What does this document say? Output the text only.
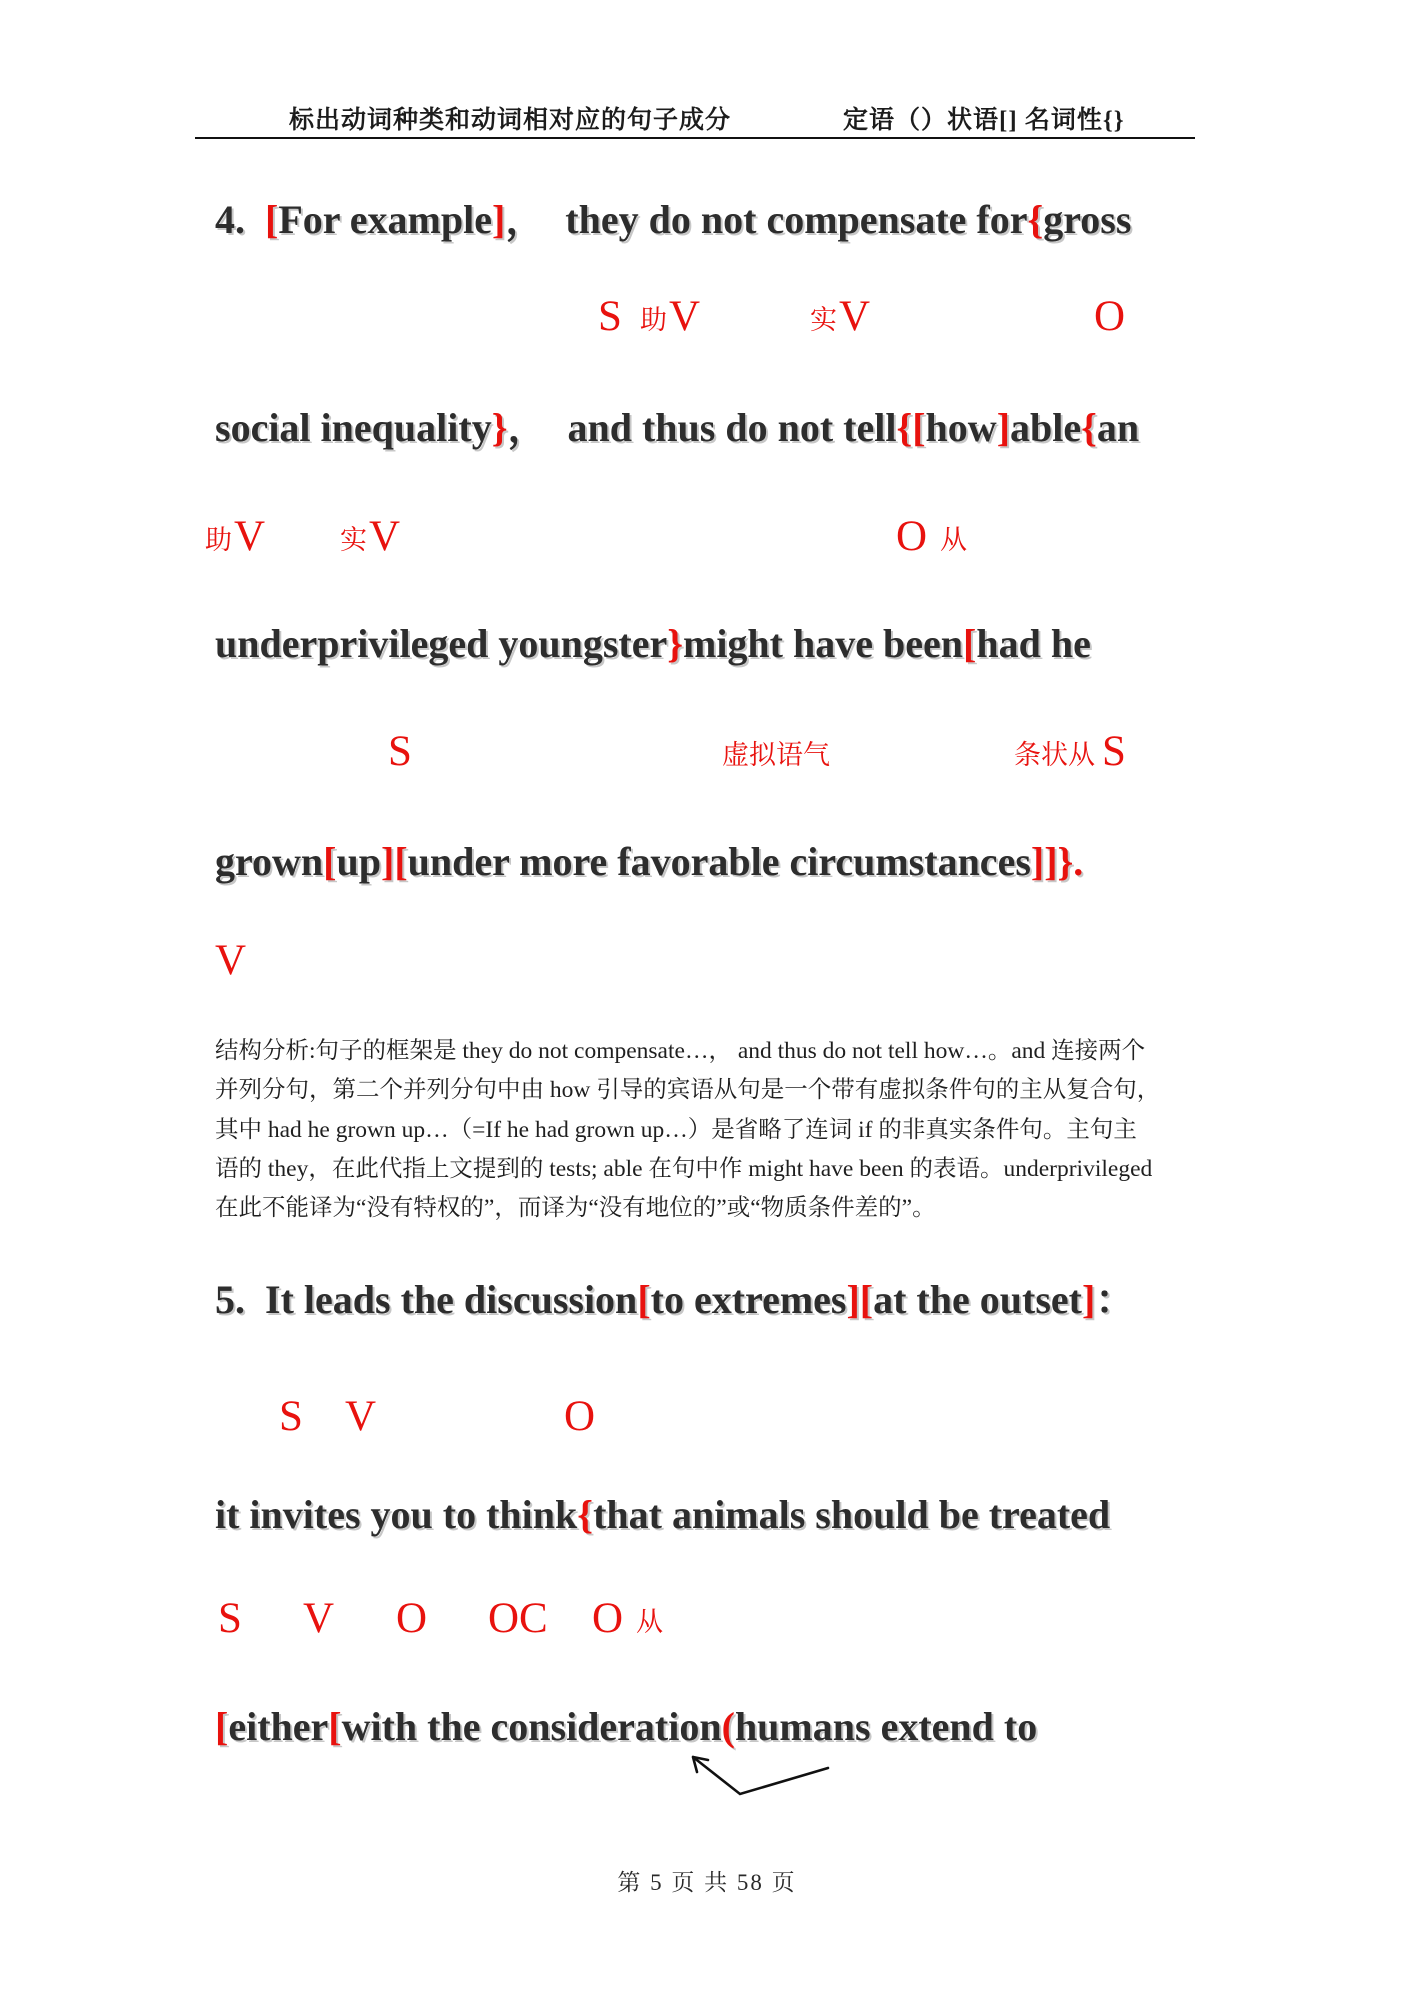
标出动词种类和动词相对应的句子成分	定语（）状语[] 名词性{}
4.  [For example]，  they do not compensate for{gross
S 助 V	实 V	O
social inequality}，  and thus do not tell{[how]able{an
助 V	实 V	O 从
underprivileged youngster}might have been[had he
S	虚拟语气	条状从 S
grown[up][under more favorable circumstances]]}.
V
结构分析:句子的框架是 they do not compensate…， and thus do not tell how…。and 连接两个
并列分句，第二个并列分句中由 how 引导的宾语从句是一个带有虚拟条件句的主从复合句，
其中 had he grown up…（=If he had grown up…）是省略了连词 if 的非真实条件句。主句主
语的 they，在此代指上文提到的 tests; able 在句中作 might have been 的表语。underprivileged
在此不能译为“没有特权的”，而译为“没有地位的”或“物质条件差的”。
5.  It leads the discussion[to extremes][at the outset]：
S V	O
it invites you to think{that animals should be treated
S V O OC O 从
[either[with the consideration(humans extend to
第 5 页 共 58 页
